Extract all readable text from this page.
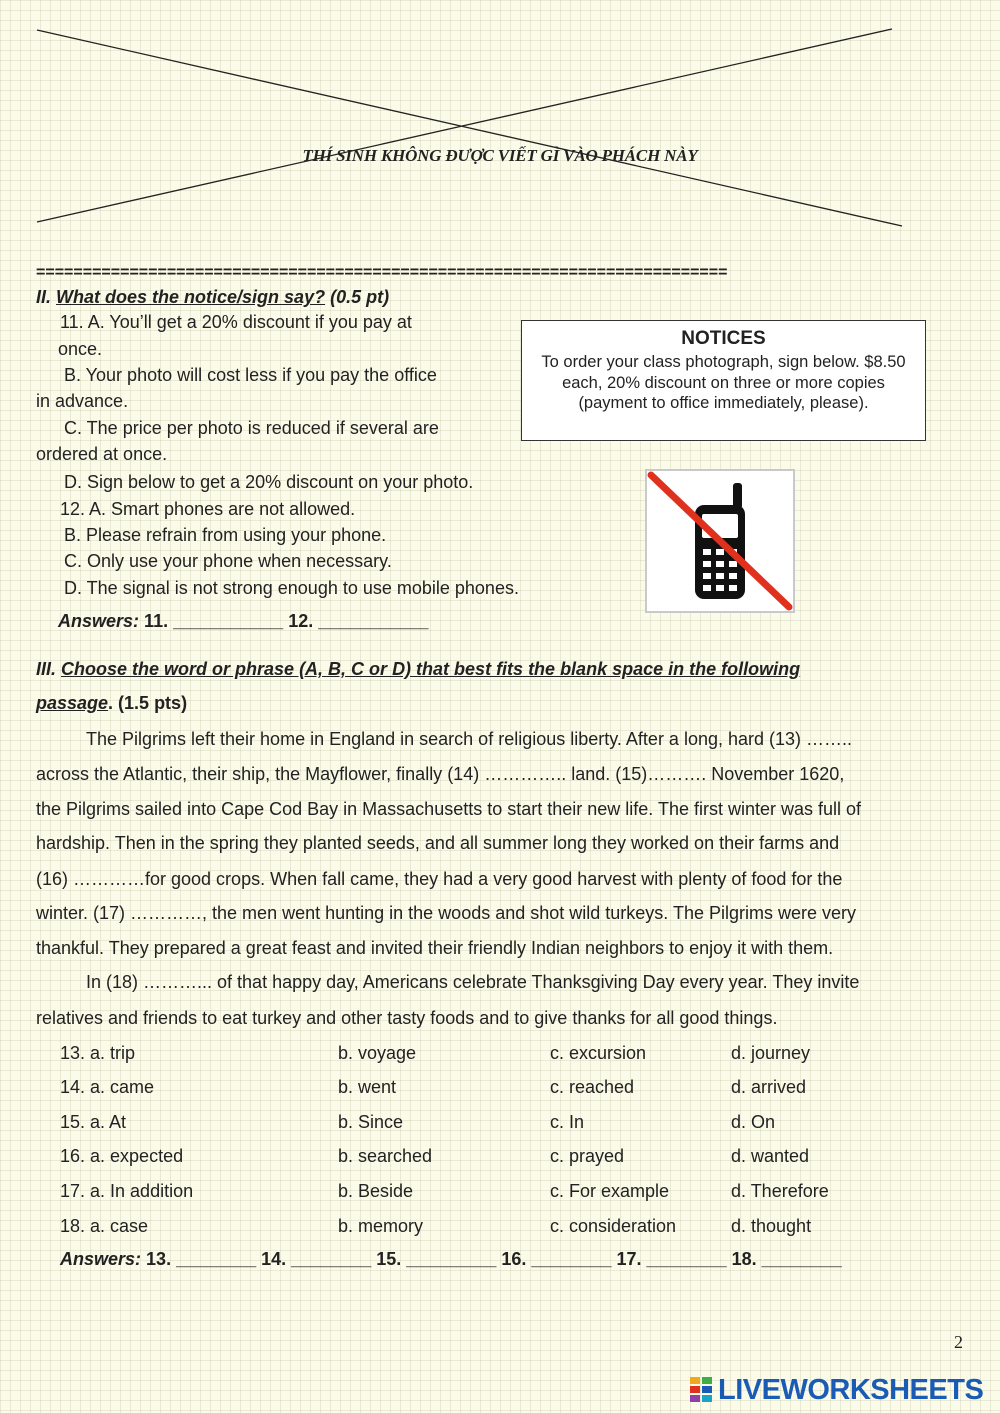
THÍ SINH KHÔNG ĐƯỢC VIẾT GÌ VÀO PHÁCH NÀY
==========================================================================
II. What does the notice/sign say? (0.5 pt)
11. A. You’ll get a 20% discount if you pay at
once.
B. Your photo will cost less if you pay the office
in advance.
C. The price per photo is reduced if several are
ordered at once.
D. Sign below to get a 20% discount on your photo.
12. A. Smart phones are not allowed.
B. Please refrain from using your phone.
C. Only use your phone when necessary.
D. The signal is not strong enough to use mobile phones.
NOTICES
To order your class photograph, sign below. $8.50 each, 20% discount on three or more copies (payment to office immediately, please).
Answers: 11. ___________ 12. ___________
III. Choose the word or phrase (A, B, C or D) that best fits the blank space in the following
passage. (1.5 pts)
The Pilgrims left their home in England in search of religious liberty. After a long, hard (13) ……..
across the Atlantic, their ship, the Mayflower, finally (14) ………….. land. (15)………. November 1620,
the Pilgrims sailed into Cape Cod Bay in Massachusetts to start their new life. The first winter was full of
hardship. Then in the spring they planted seeds, and all summer long they worked on their farms and
(16) …………for good crops. When fall came, they had a very good harvest with plenty of food for the
winter. (17) …………, the men went hunting in the woods and shot wild turkeys. The Pilgrims were very
thankful. They prepared a great feast and invited their friendly Indian neighbors to enjoy it with them.
In (18) ………... of that happy day, Americans celebrate Thanksgiving Day every year. They invite
relatives and friends to eat turkey and other tasty foods and to give thanks for all good things.
13. a. trip	b. voyage	c. excursion	d. journey
14. a. came	b. went	c. reached	d. arrived
15. a. At	b. Since	c. In	d. On
16. a. expected	b. searched	c. prayed	d. wanted
17. a. In addition	b. Beside	c. For example	d. Therefore
18. a. case	b. memory	c. consideration	d. thought
Answers: 13. ________ 14. ________ 15. _________ 16. ________ 17. ________ 18. ________
2
LIVEWORKSHEETS
